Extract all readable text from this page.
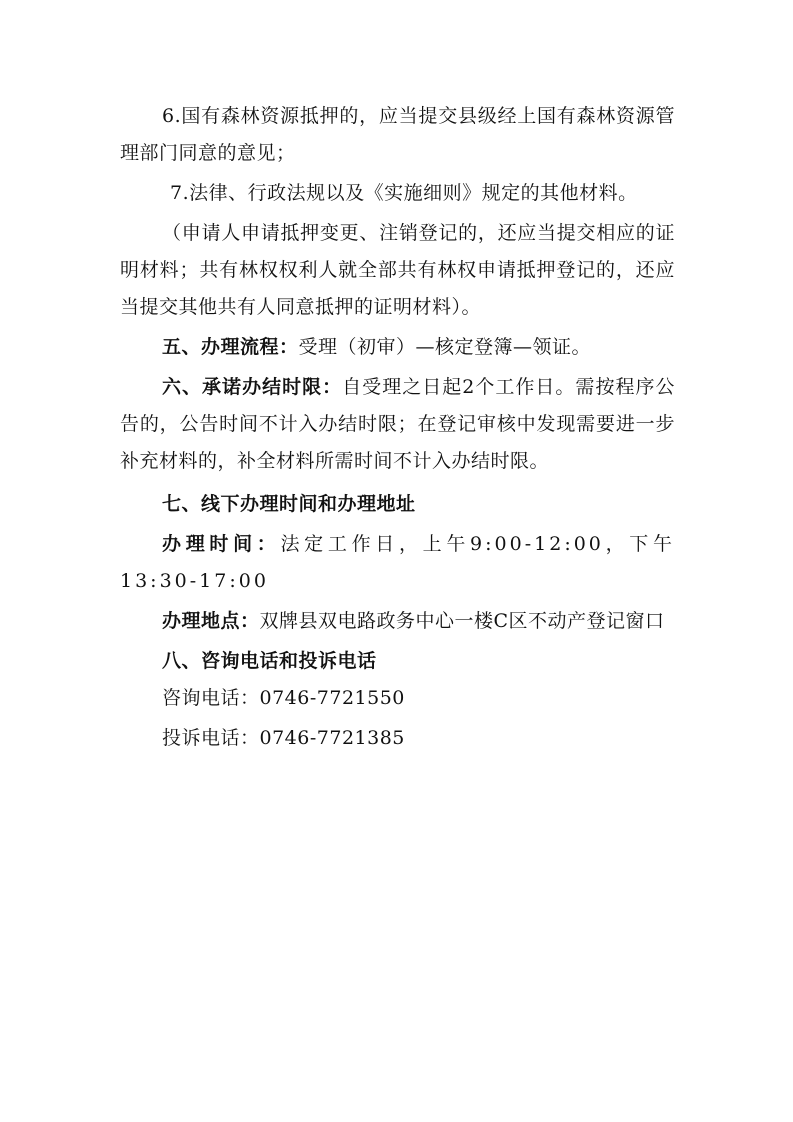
6.国有森林资源抵押的，应当提交县级经上国有森林资源管理部门同意的意见；

7.法律、行政法规以及《实施细则》规定的其他材料。

（申请人申请抵押变更、注销登记的，还应当提交相应的证明材料；共有林权权利人就全部共有林权申请抵押登记的，还应当提交其他共有人同意抵押的证明材料）。

五、办理流程：受理（初审）—核定登簿—领证。

六、承诺办结时限：自受理之日起2个工作日。需按程序公告的，公告时间不计入办结时限；在登记审核中发现需要进一步补充材料的，补全材料所需时间不计入办结时限。

七、线下办理时间和办理地址

办理时间：法定工作日，上午9:00-12:00，下午13:30-17:00

办理地点：双牌县双电路政务中心一楼C区不动产登记窗口

八、咨询电话和投诉电话

咨询电话：0746-7721550

投诉电话：0746-7721385
